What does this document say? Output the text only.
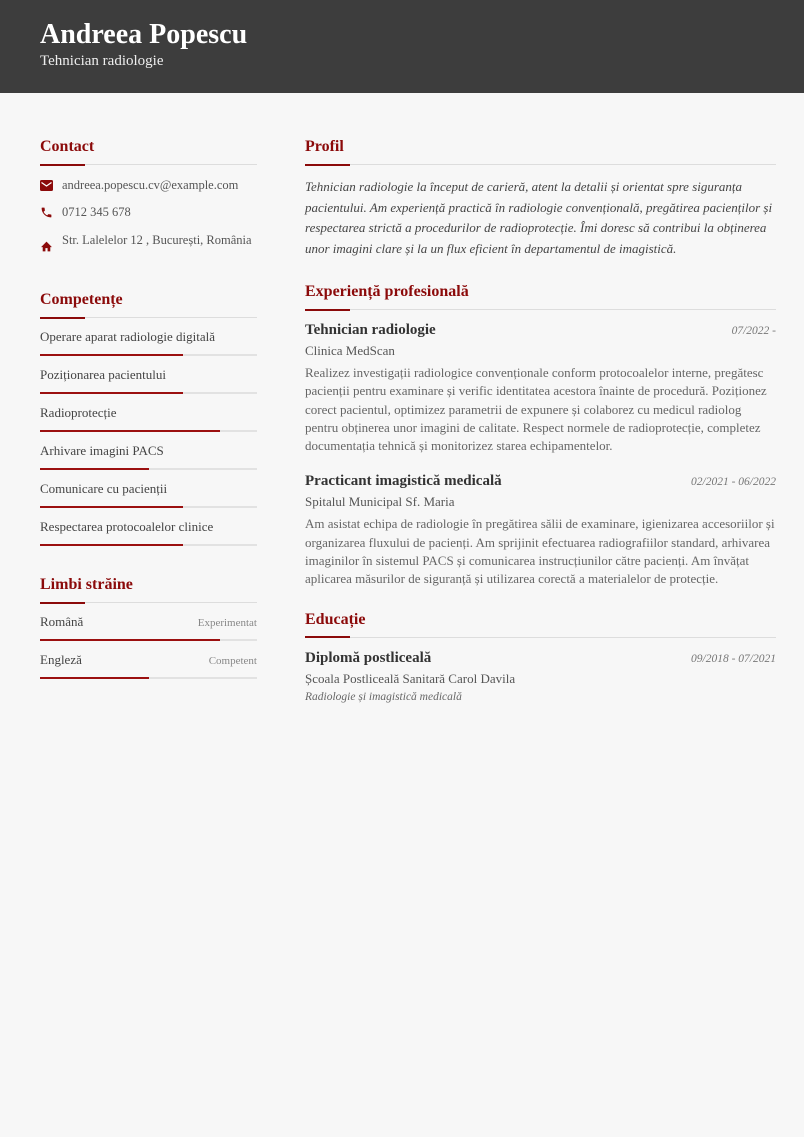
Andreea Popescu
Tehnician radiologie
Contact
andreea.popescu.cv@example.com
0712 345 678
Str. Lalelelor 12 , București, România
Competențe
Operare aparat radiologie digitală
Poziționarea pacientului
Radioprotecție
Arhivare imagini PACS
Comunicare cu pacienții
Respectarea protocoalelor clinice
Limbi străine
Română	Experimentat
Engleză	Competent
Profil

Tehnician radiologie la început de carieră, atent la detalii și orientat spre siguranța pacientului. Am experiență practică în radiologie convențională, pregătirea pacienților și respectarea strictă a procedurilor de radioprotecție. Îmi doresc să contribui la obținerea unor imagini clare și la un flux eficient în departamentul de imagistică.

Experiență profesională
Tehnician radiologie	07/2022 -
Clinica MedScan

Realizez investigații radiologice convenționale conform protocoalelor interne, pregătesc pacienții pentru examinare și verific identitatea acestora înainte de procedură. Poziționez corect pacientul, optimizez parametrii de expunere și colaborez cu medicul radiolog pentru obținerea unor imagini de calitate. Respect normele de radioprotecție, completez documentația tehnică și monitorizez starea echipamentelor.

Practicant imagistică medicală	02/2021 - 06/2022
Spitalul Municipal Sf. Maria

Am asistat echipa de radiologie în pregătirea sălii de examinare, igienizarea accesoriilor și organizarea fluxului de pacienți. Am sprijinit efectuarea radiografiilor standard, arhivarea imaginilor în sistemul PACS și comunicarea instrucțiunilor către pacienți. Am învățat aplicarea măsurilor de siguranță și utilizarea corectă a materialelor de protecție.

Educație
Diplomă postliceală	09/2018 - 07/2021
Școala Postliceală Sanitară Carol Davila
Radiologie și imagistică medicală
